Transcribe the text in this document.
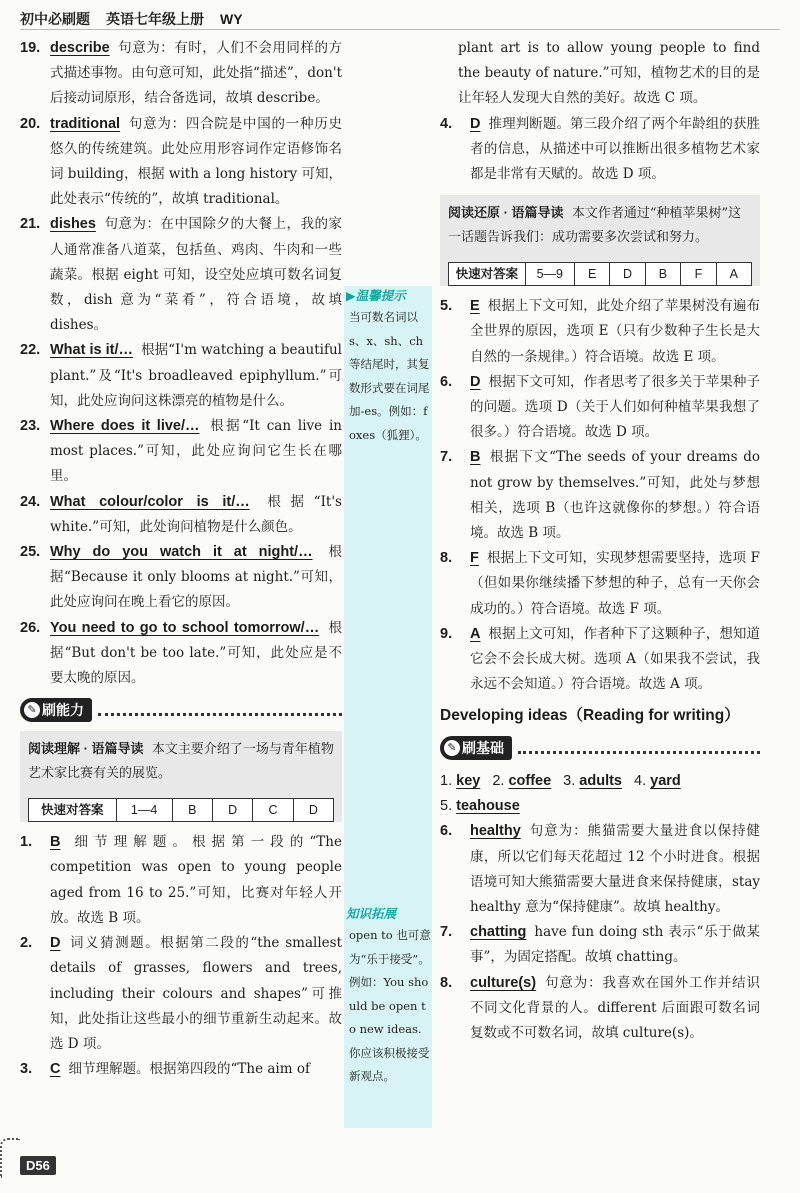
初中必刷题 英语七年级上册 WY
19. describe 句意为：有时，人们不会用同样的方式描述事物。由句意可知，此处指“描述”，don't 后接动词原形，结合备选词，故填 describe。
20. traditional 句意为：四合院是中国的一种历史悠久的传统建筑。此处应用形容词作定语修饰名词 building，根据 with a long history 可知，此处表示“传统的”，故填 traditional。
21. dishes 句意为：在中国除夕的大餐上，我的家人通常准备八道菜，包括鱼、鸡肉、牛肉和一些蔬菜。根据 eight 可知，设空处应填可数名词复数，dish 意为“菜肴”，符合语境，故填 dishes。
22. What is it/… 根据“I'm watching a beautiful plant.”及“It's broadleaved epiphyllum.”可知，此处应询问这株漂亮的植物是什么。
23. Where does it live/… 根据“It can live in most places.”可知，此处应询问它生长在哪里。
24. What colour/color is it/… 根据“It's white.”可知，此处询问植物是什么颜色。
25. Why do you watch it at night/… 根据“Because it only blooms at night.”可知，此处应询问在晚上看它的原因。
26. You need to go to school tomorrow/… 根据“But don't be too late.”可知，此处应是不要太晚的原因。
✎ 刷能力
阅读理解 · 语篇导读 本文主要介绍了一场与青年植物艺术家比赛有关的展览。
快速对答案	1—4	B	D	C	D
1. B 细节理解题。根据第一段的“The competition was open to young people aged from 16 to 25.”可知，比赛对年轻人开放。故选 B 项。
2. D 词义猜测题。根据第二段的“the smallest details of grasses, flowers and trees, including their colours and shapes”可推知，此处指让这些最小的细节重新生动起来。故选 D 项。
3. C 细节理解题。根据第四段的“The aim of
▶温馨提示
当可数名词以 s、x、sh、ch 等结尾时，其复数形式要在词尾加-es。例如：foxes（狐狸）。
知识拓展
open to 也可意为“乐于接受”。例如：You should be open to new ideas. 你应该积极接受新观点。
plant art is to allow young people to find the beauty of nature.”可知，植物艺术的目的是让年轻人发现大自然的美好。故选 C 项。
4. D 推理判断题。第三段介绍了两个年龄组的获胜者的信息，从描述中可以推断出很多植物艺术家都是非常有天赋的。故选 D 项。
阅读还原 · 语篇导读 本文作者通过“种植苹果树”这一话题告诉我们：成功需要多次尝试和努力。
快速对答案	5—9	E	D	B	F	A
5. E 根据上下文可知，此处介绍了苹果树没有遍布全世界的原因，选项 E（只有少数种子生长是大自然的一条规律。）符合语境。故选 E 项。
6. D 根据下文可知，作者思考了很多关于苹果种子的问题。选项 D（关于人们如何种植苹果我想了很多。）符合语境。故选 D 项。
7. B 根据下文“The seeds of your dreams do not grow by themselves.”可知，此处与梦想相关，选项 B（也许这就像你的梦想。）符合语境。故选 B 项。
8. F 根据上下文可知，实现梦想需要坚持，选项 F（但如果你继续播下梦想的种子，总有一天你会成功的。）符合语境。故选 F 项。
9. A 根据上文可知，作者种下了这颗种子，想知道它会不会长成大树。选项 A（如果我不尝试，我永远不会知道。）符合语境。故选 A 项。
Developing ideas（Reading for writing）
✎ 刷基础
1. key 2. coffee 3. adults 4. yard
5. teahouse
6. healthy 句意为：熊猫需要大量进食以保持健康，所以它们每天花超过 12 个小时进食。根据语境可知大熊猫需要大量进食来保持健康，stay healthy 意为“保持健康”。故填 healthy。
7. chatting have fun doing sth 表示“乐于做某事”，为固定搭配。故填 chatting。
8. culture(s) 句意为：我喜欢在国外工作并结识不同文化背景的人。different 后面跟可数名词复数或不可数名词，故填 culture(s)。
D56
